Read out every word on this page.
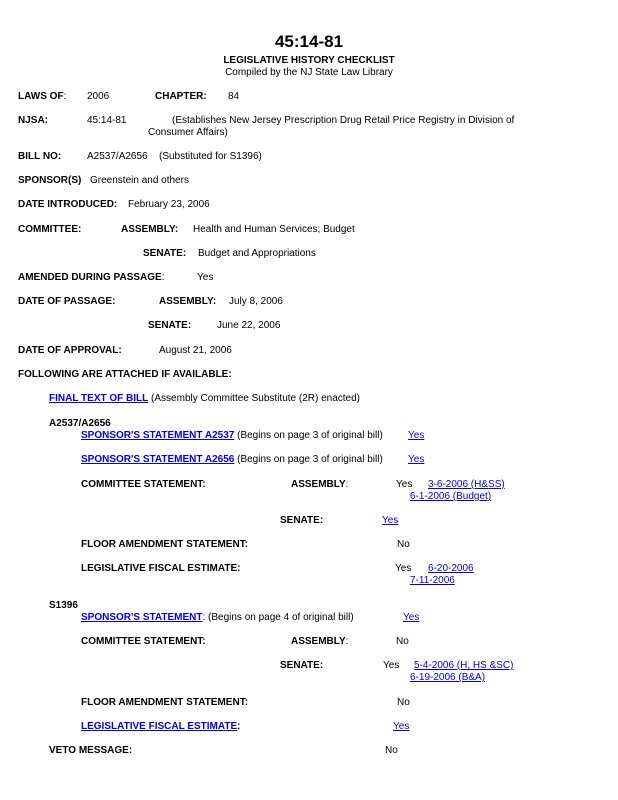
45:14-81
LEGISLATIVE HISTORY CHECKLIST
Compiled by the NJ State Law Library
LAWS OF: 2006	CHAPTER: 84
NJSA:	45:14-81	(Establishes New Jersey Prescription Drug Retail Price Registry in Division of
Consumer Affairs)
BILL NO:	A2537/A2656 (Substituted for S1396)
SPONSOR(S) Greenstein and others
DATE INTRODUCED: February 23, 2006
COMMITTEE:	ASSEMBLY: Health and Human Services; Budget
SENATE: Budget and Appropriations
AMENDED DURING PASSAGE:	Yes
DATE OF PASSAGE:	ASSEMBLY: July 8, 2006
SENATE:	June 22, 2006
DATE OF APPROVAL:	August 21, 2006
FOLLOWING ARE ATTACHED IF AVAILABLE:
FINAL TEXT OF BILL (Assembly Committee Substitute (2R) enacted)
A2537/A2656
SPONSOR'S STATEMENT A2537 (Begins on page 3 of original bill)	Yes
SPONSOR'S STATEMENT A2656 (Begins on page 3 of original bill)	Yes
COMMITTEE STATEMENT:	ASSEMBLY:	Yes 3-6-2006 (H&SS)
6-1-2006 (Budget)
SENATE:	Yes
FLOOR AMENDMENT STATEMENT:	No
LEGISLATIVE FISCAL ESTIMATE:	Yes 6-20-2006
7-11-2006
S1396
SPONSOR'S STATEMENT: (Begins on page 4 of original bill)	Yes
COMMITTEE STATEMENT:	ASSEMBLY:	No
SENATE:	Yes 5-4-2006 (H, HS &SC)
6-19-2006 (B&A)
FLOOR AMENDMENT STATEMENT:	No
LEGISLATIVE FISCAL ESTIMATE:	Yes
VETO MESSAGE:	No
